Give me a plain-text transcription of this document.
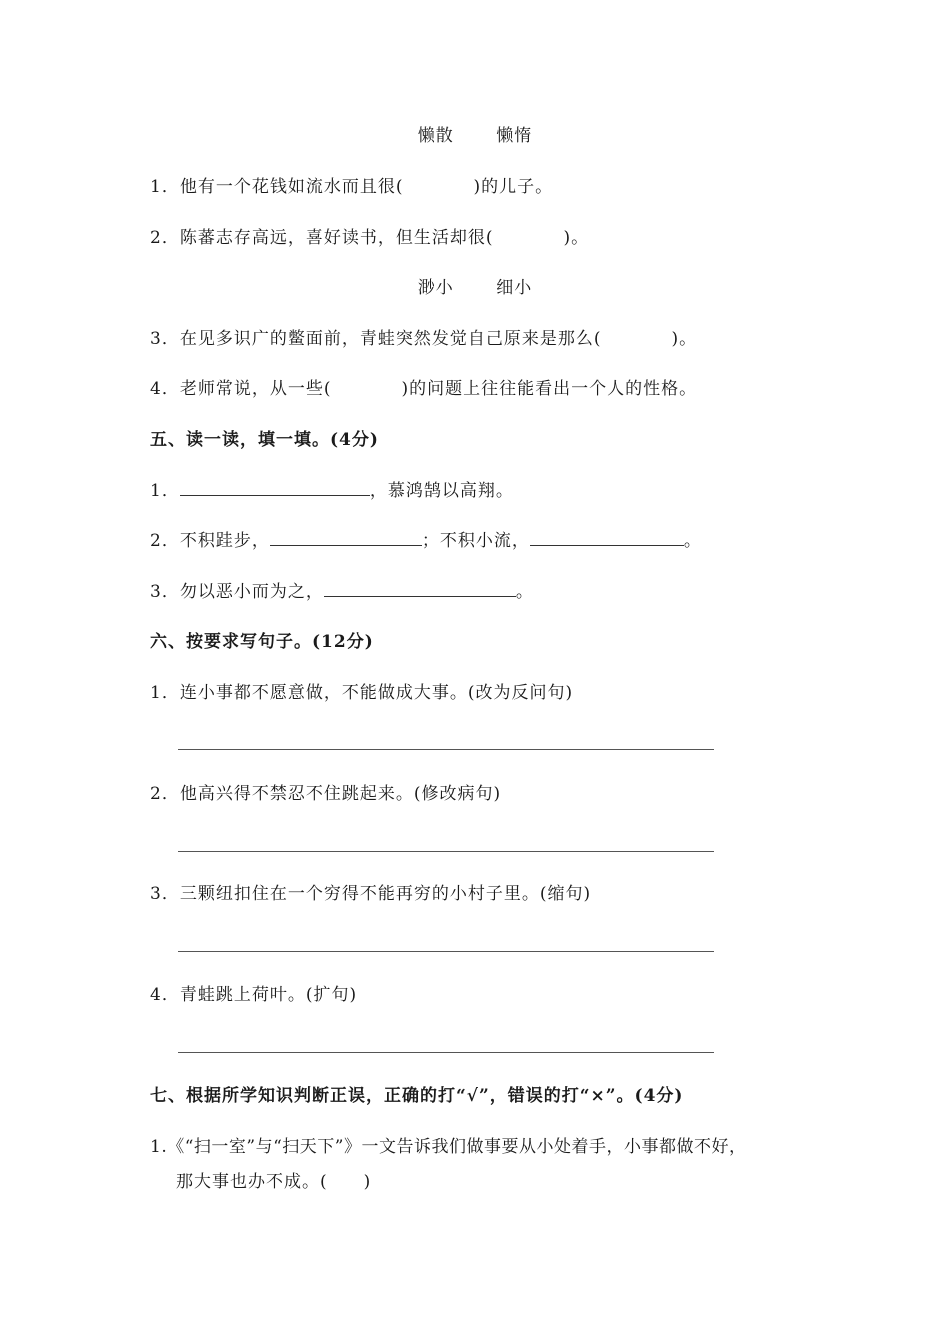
懒散 懒惰
1．他有一个花钱如流水而且很(	)的儿子。
2．陈蕃志存高远，喜好读书，但生活却很(	)。
渺小 细小
3．在见多识广的鳖面前，青蛙突然发觉自己原来是那么(	)。
4．老师常说，从一些(	)的问题上往往能看出一个人的性格。
五、读一读，填一填。(4分)
1．	，慕鸿鹄以高翔。
2．不积跬步，	；不积小流，	。
3．勿以恶小而为之，	。
六、按要求写句子。(12分)
1．连小事都不愿意做，不能做成大事。(改为反问句)
2．他高兴得不禁忍不住跳起来。(修改病句)
3．三颗纽扣住在一个穷得不能再穷的小村子里。(缩句)
4．青蛙跳上荷叶。(扩句)
七、根据所学知识判断正误，正确的打“√”，错误的打“×”。(4分)
1.《“扫一室”与“扫天下”》一文告诉我们做事要从小处着手，小事都做不好，
那大事也办不成。(　　)
